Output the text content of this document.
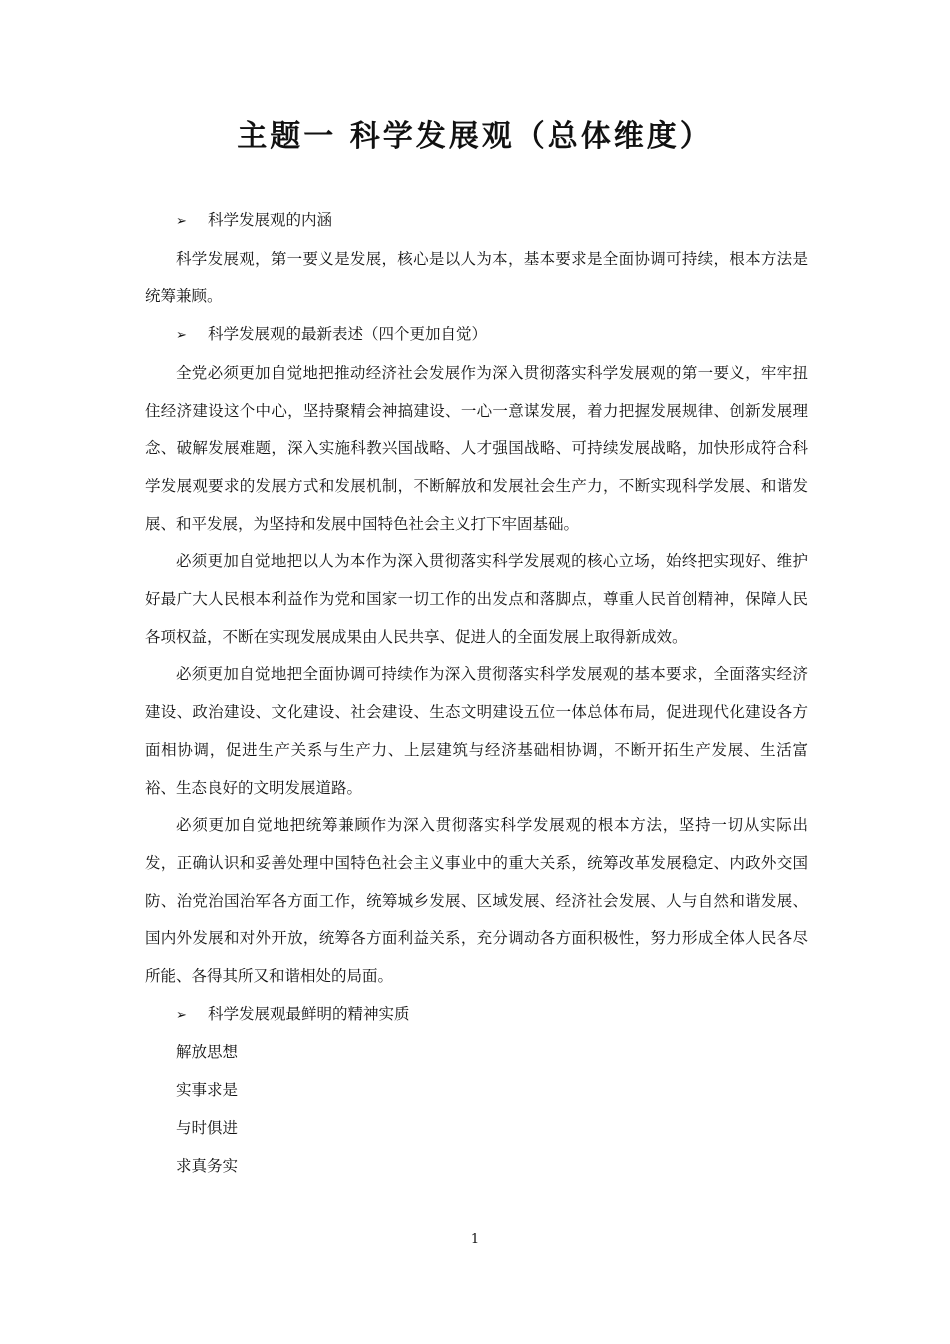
主题一 科学发展观（总体维度）
➢ 科学发展观的内涵

科学发展观，第一要义是发展，核心是以人为本，基本要求是全面协调可持续，根本方法是统筹兼顾。

➢ 科学发展观的最新表述（四个更加自觉）

全党必须更加自觉地把推动经济社会发展作为深入贯彻落实科学发展观的第一要义，牢牢扭住经济建设这个中心，坚持聚精会神搞建设、一心一意谋发展，着力把握发展规律、创新发展理念、破解发展难题，深入实施科教兴国战略、人才强国战略、可持续发展战略，加快形成符合科学发展观要求的发展方式和发展机制，不断解放和发展社会生产力，不断实现科学发展、和谐发展、和平发展，为坚持和发展中国特色社会主义打下牢固基础。

必须更加自觉地把以人为本作为深入贯彻落实科学发展观的核心立场，始终把实现好、维护好最广大人民根本利益作为党和国家一切工作的出发点和落脚点，尊重人民首创精神，保障人民各项权益，不断在实现发展成果由人民共享、促进人的全面发展上取得新成效。

必须更加自觉地把全面协调可持续作为深入贯彻落实科学发展观的基本要求，全面落实经济建设、政治建设、文化建设、社会建设、生态文明建设五位一体总体布局，促进现代化建设各方面相协调，促进生产关系与生产力、上层建筑与经济基础相协调，不断开拓生产发展、生活富裕、生态良好的文明发展道路。

必须更加自觉地把统筹兼顾作为深入贯彻落实科学发展观的根本方法，坚持一切从实际出发，正确认识和妥善处理中国特色社会主义事业中的重大关系，统筹改革发展稳定、内政外交国防、治党治国治军各方面工作，统筹城乡发展、区域发展、经济社会发展、人与自然和谐发展、国内外发展和对外开放，统筹各方面利益关系，充分调动各方面积极性，努力形成全体人民各尽所能、各得其所又和谐相处的局面。

➢ 科学发展观最鲜明的精神实质
解放思想
实事求是
与时俱进
求真务实
1
